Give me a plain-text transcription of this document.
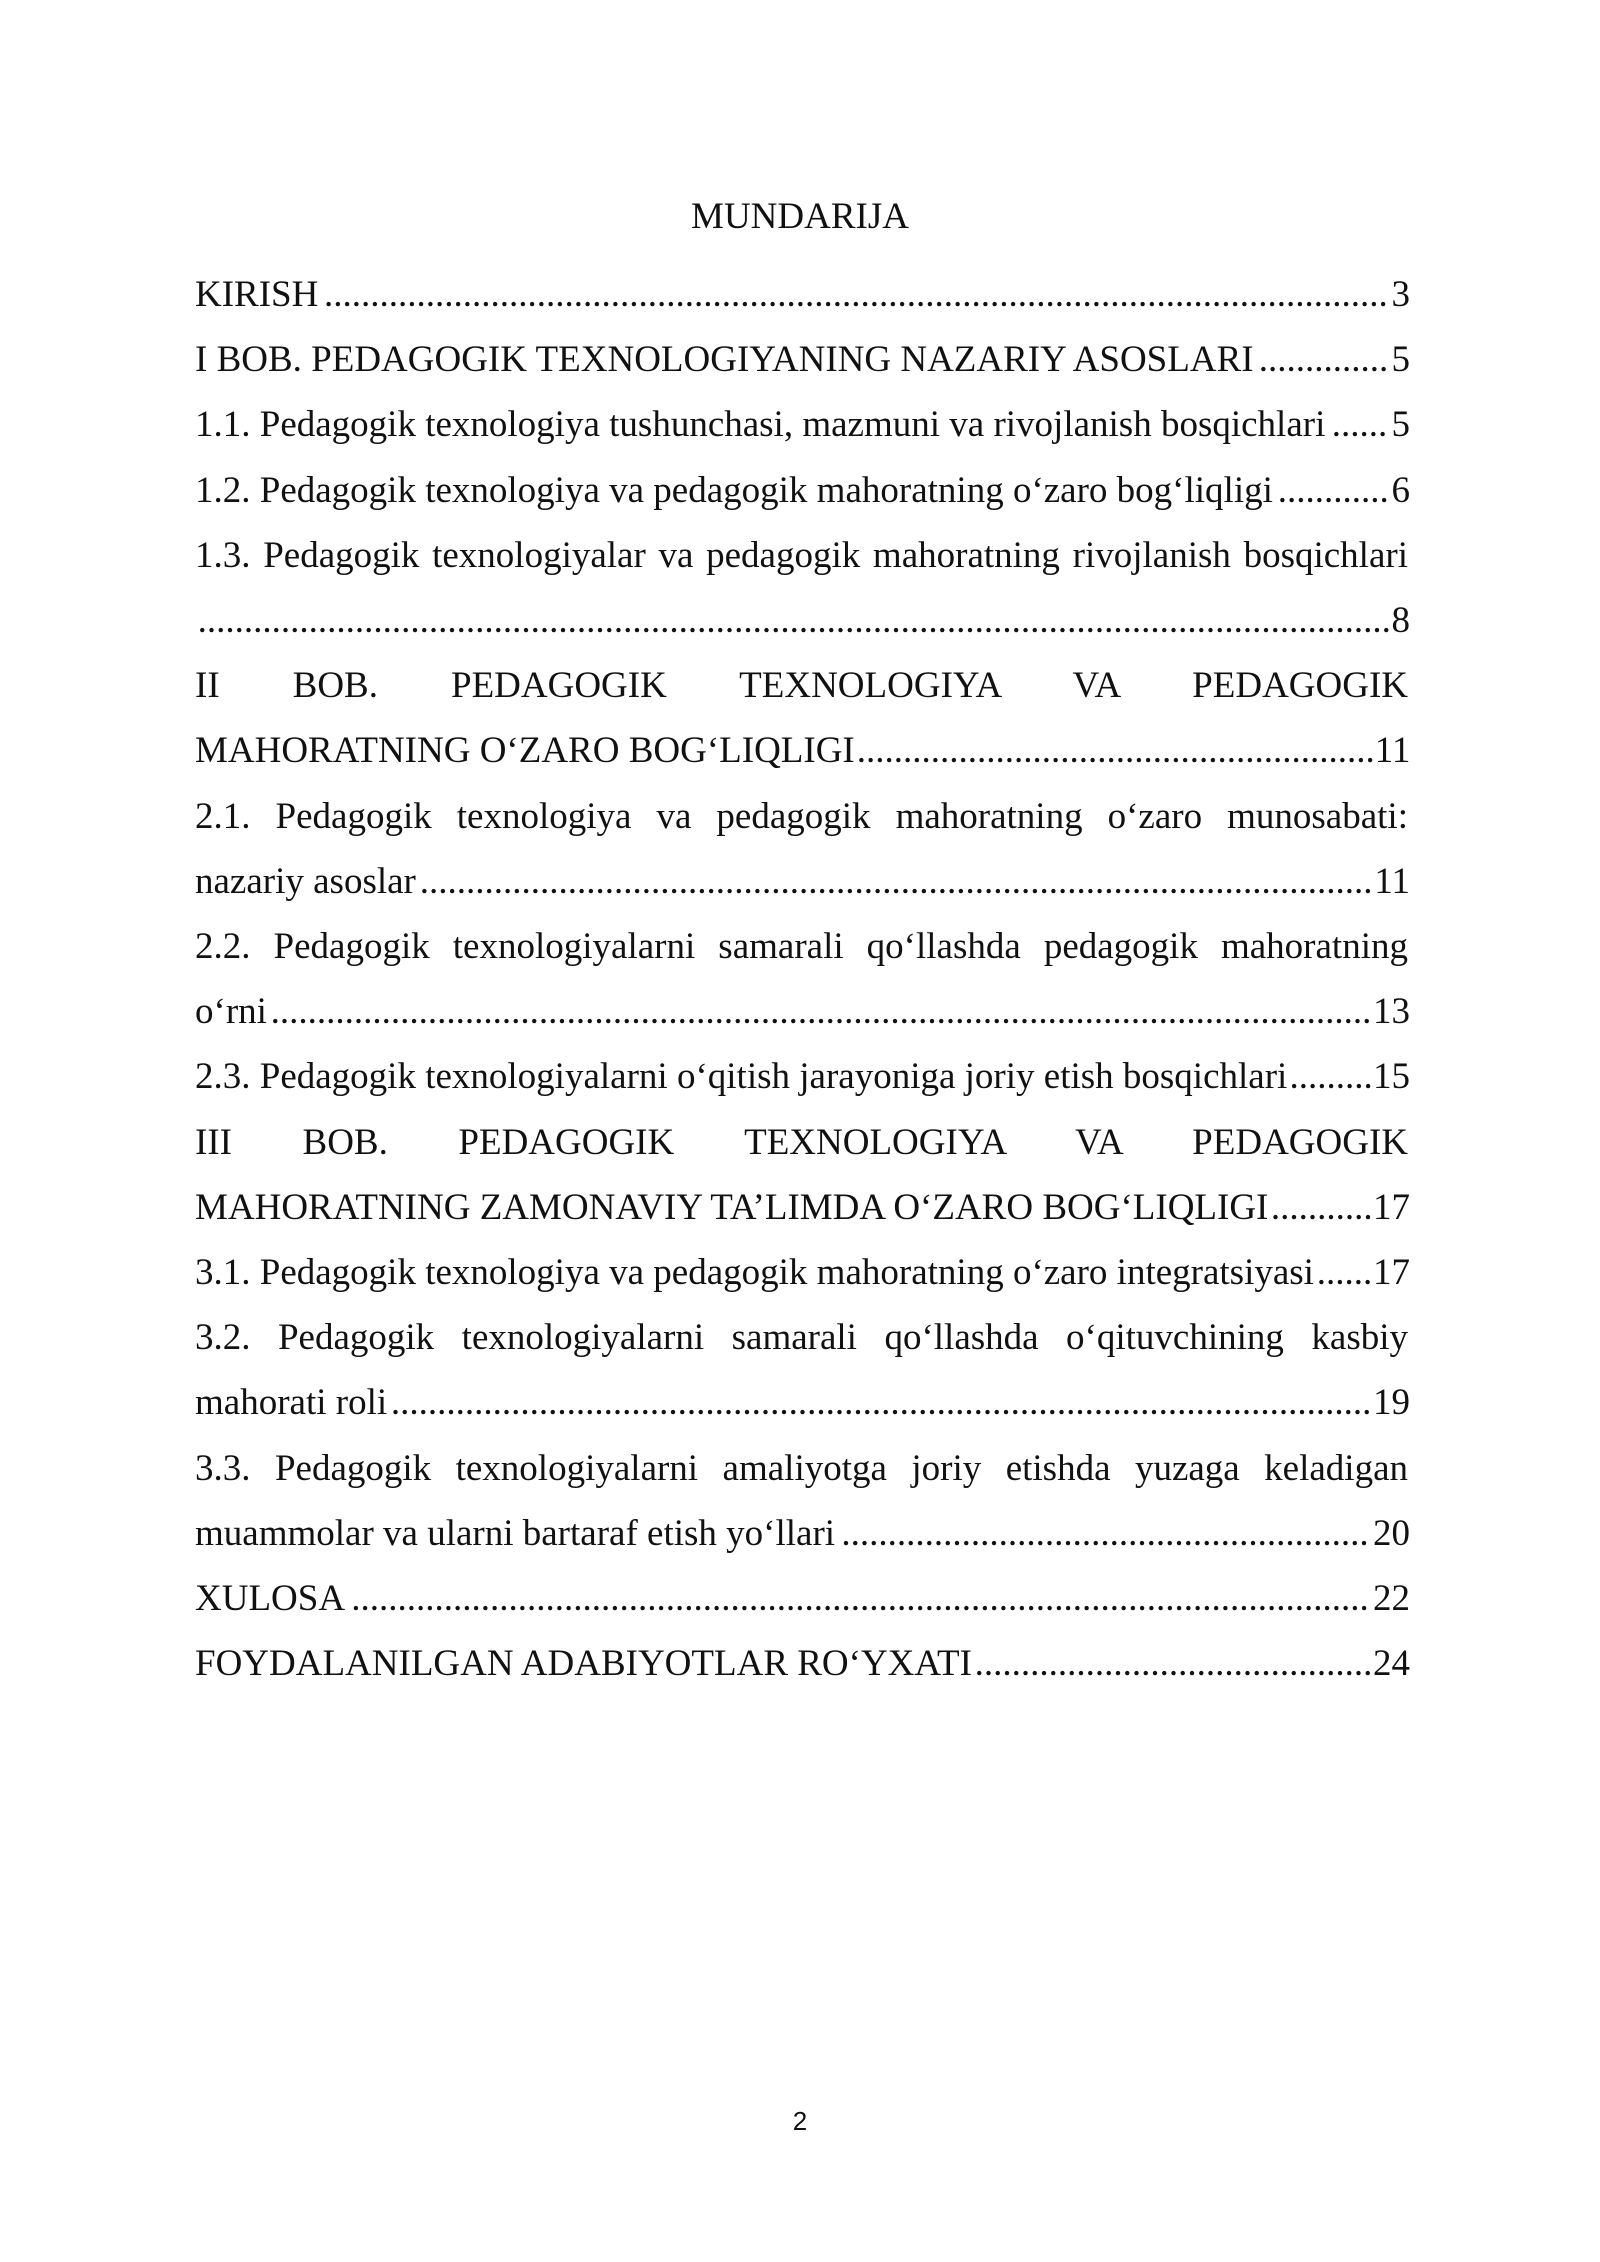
MUNDARIJA
KIRISH ................................................................................................................... 3
I BOB. PEDAGOGIK TEXNOLOGIYANING NAZARIY ASOSLARI .............. 5
1.1. Pedagogik texnologiya tushunchasi, mazmuni va rivojlanish bosqichlari ...... 5
1.2. Pedagogik texnologiya va pedagogik mahoratning o‘zaro bog‘liqligi ............ 6
1.3. Pedagogik texnologiyalar va pedagogik mahoratning rivojlanish bosqichlari
................................................................................................................................. 8
II BOB. PEDAGOGIK TEXNOLOGIYA VA PEDAGOGIK
MAHORATNING O‘ZARO BOG‘LIQLIGI ........................................................ 11
2.1. Pedagogik texnologiya va pedagogik mahoratning o‘zaro munosabati:
nazariy asoslar ....................................................................................................... 11
2.2. Pedagogik texnologiyalarni samarali qo‘llashda pedagogik mahoratning
o‘rni ....................................................................................................................... 13
2.3. Pedagogik texnologiyalarni o‘qitish jarayoniga joriy etish bosqichlari ......... 15
III BOB. PEDAGOGIK TEXNOLOGIYA VA PEDAGOGIK
MAHORATNING ZAMONAVIY TA’LIMDA O‘ZARO BOG‘LIQLIGI ........... 17
3.1. Pedagogik texnologiya va pedagogik mahoratning o‘zaro integratsiyasi ...... 17
3.2. Pedagogik texnologiyalarni samarali qo‘llashda o‘qituvchining kasbiy
mahorati roli .......................................................................................................... 19
3.3. Pedagogik texnologiyalarni amaliyotga joriy etishda yuzaga keladigan
muammolar va ularni bartaraf etish yo‘llari ......................................................... 20
XULOSA .............................................................................................................. 22
FOYDALANILGAN ADABIYOTLAR RO‘YXATI ........................................... 24
2
